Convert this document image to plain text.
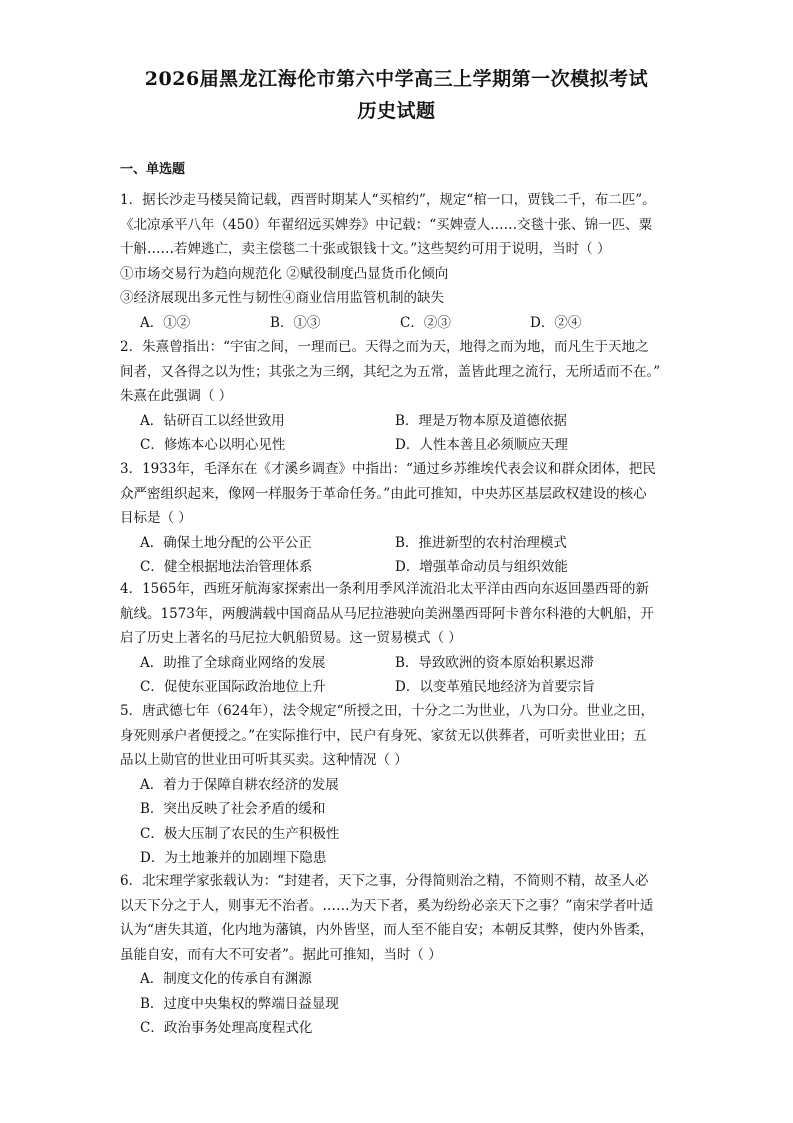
2026届黑龙江海伦市第六中学高三上学期第一次模拟考试
历史试题
一、单选题

1．据长沙走马楼吴简记载，西晋时期某人“买棺约”，规定“棺一口，贾钱二千，布二匹”。

《北凉承平八年（450）年翟绍远买婢券》中记载：“买婢壹人……交毯十张、锦一匹、粟

十斛……若婢逃亡，卖主偿毯二十张或银钱十文。”这些契约可用于说明，当时（ ）

①市场交易行为趋向规范化 ②赋役制度凸显货币化倾向

③经济展现出多元性与韧性④商业信用监管机制的缺失

A．①②	B．①③	C．②③	D．②④

2．朱熹曾指出：“宇宙之间，一理而已。天得之而为天，地得之而为地，而凡生于天地之

间者，又各得之以为性；其张之为三纲，其纪之为五常，盖皆此理之流行，无所适而不在。”

朱熹在此强调（ ）

A．钻研百工以经世致用	B．理是万物本原及道德依据

C．修炼本心以明心见性	D．人性本善且必须顺应天理

3．1933年，毛泽东在《才溪乡调查》中指出：“通过乡苏维埃代表会议和群众团体，把民

众严密组织起来，像网一样服务于革命任务。”由此可推知，中央苏区基层政权建设的核心

目标是（ ）

A．确保土地分配的公平公正	B．推进新型的农村治理模式

C．健全根据地法治管理体系	D．增强革命动员与组织效能

4．1565年，西班牙航海家探索出一条利用季风洋流沿北太平洋由西向东返回墨西哥的新

航线。1573年，两艘满载中国商品从马尼拉港驶向美洲墨西哥阿卡普尔科港的大帆船，开

启了历史上著名的马尼拉大帆船贸易。这一贸易模式（ ）

A．助推了全球商业网络的发展	B．导致欧洲的资本原始积累迟滞

C．促使东亚国际政治地位上升	D．以变革殖民地经济为首要宗旨

5．唐武德七年（624年），法令规定“所授之田，十分之二为世业，八为口分。世业之田，

身死则承户者便授之。”在实际推行中，民户有身死、家贫无以供葬者，可听卖世业田；五

品以上勋官的世业田可听其买卖。这种情况（ ）

A．着力于保障自耕农经济的发展

B．突出反映了社会矛盾的缓和

C．极大压制了农民的生产积极性

D．为土地兼并的加剧埋下隐患

6．北宋理学家张载认为：“封建者，天下之事，分得简则治之精，不简则不精，故圣人必

以天下分之于人，则事无不治者。……为天下者，奚为纷纷必亲天下之事？”南宋学者叶适

认为“唐失其道，化内地为藩镇，内外皆坚，而人至不能自安；本朝反其弊，使内外皆柔，

虽能自安，而有大不可安者”。据此可推知，当时（ ）

A．制度文化的传承自有渊源

B．过度中央集权的弊端日益显现

C．政治事务处理高度程式化
